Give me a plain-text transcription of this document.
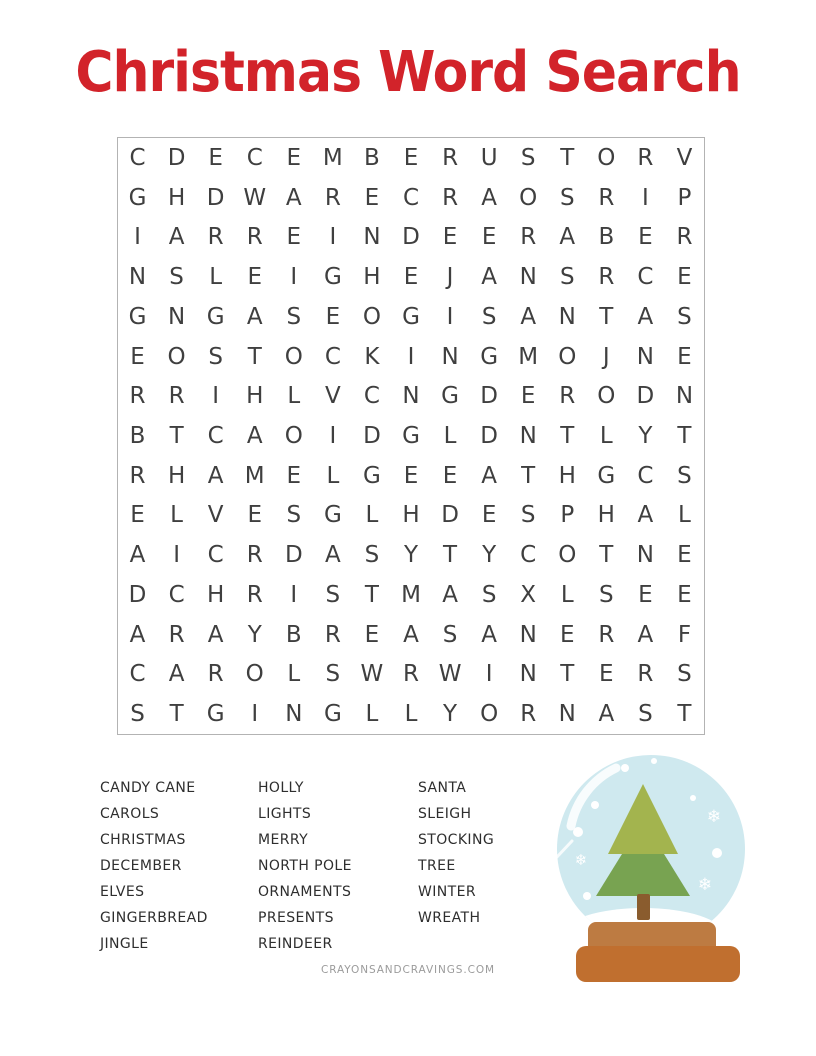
Christmas Word Search
C D E	C	E M B	E	R U	S	T O R	V
G H D W A	R	E	C	R	A O S	R	I	P
I	A	R	R	E	I	N D E	E	R	A	B	E	R
N	S	L	E	I	G H	E	J	A N	S	R	C	E
G N G A	S	E O G	I	S	A N	T	A	S
E O S	T O C	K	I	N G M O	J	N	E
R	R	I	H	L	V	C N G D E	R O D N
B	T	C	A O	I	D G	L	D N	T	L	Y	T
R H A M E	L	G E	E	A	T	H G C	S
E	L	V	E	S G	L	H D E	S	P	H A	L
A	I	C	R D A	S	Y	T	Y	C O T	N	E
D C H R	I	S	T M A	S	X	L	S	E	E
A	R	A	Y	B	R	E	A	S	A N	E	R	A	F
C	A	R O	L	S W R W	I	N	T	E	R	S
S	T	G	I	N G	L	L	Y O R N A	S	T
CANDY CANE
CAROLS
CHRISTMAS
DECEMBER
ELVES
GINGERBREAD
JINGLE
HOLLY
LIGHTS
MERRY
NORTH POLE
ORNAMENTS
PRESENTS
REINDEER
SANTA
SLEIGH
STOCKING
TREE
WINTER
WREATH
CRAYONSANDCRAVINGS.COM
❄
❄
❄
